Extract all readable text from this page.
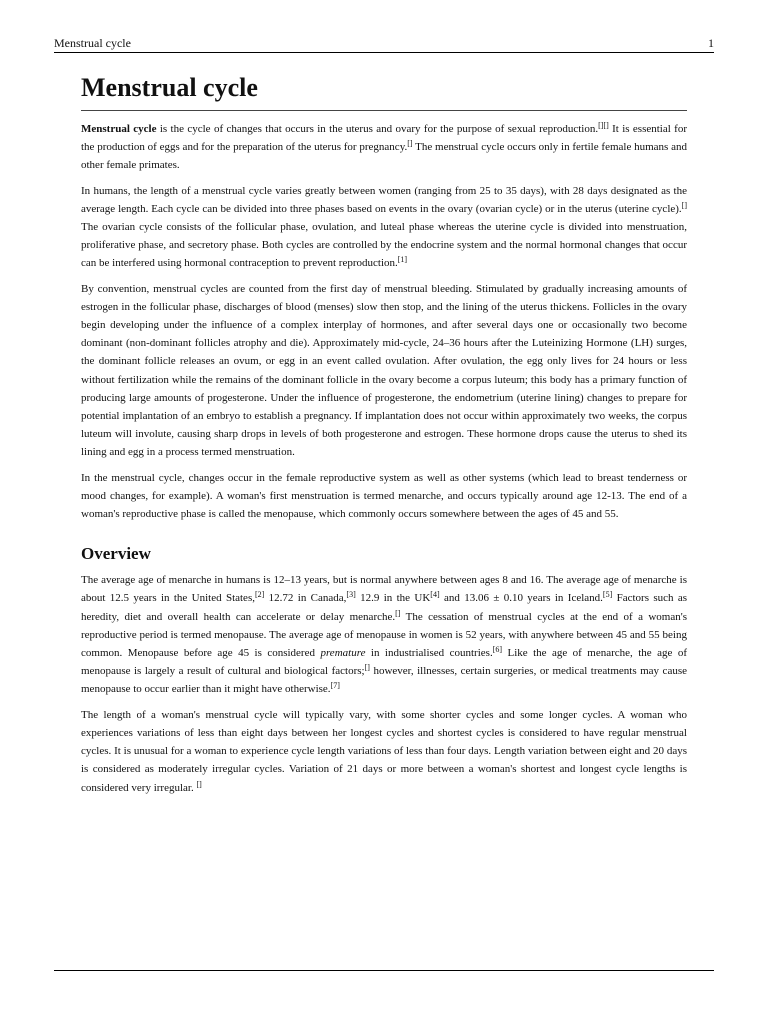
Menstrual cycle	1
Menstrual cycle

Menstrual cycle is the cycle of changes that occurs in the uterus and ovary for the purpose of sexual reproduction.[][] It is essential for the production of eggs and for the preparation of the uterus for pregnancy.[] The menstrual cycle occurs only in fertile female humans and other female primates.

In humans, the length of a menstrual cycle varies greatly between women (ranging from 25 to 35 days), with 28 days designated as the average length. Each cycle can be divided into three phases based on events in the ovary (ovarian cycle) or in the uterus (uterine cycle).[] The ovarian cycle consists of the follicular phase, ovulation, and luteal phase whereas the uterine cycle is divided into menstruation, proliferative phase, and secretory phase. Both cycles are controlled by the endocrine system and the normal hormonal changes that occur can be interfered using hormonal contraception to prevent reproduction.[1]

By convention, menstrual cycles are counted from the first day of menstrual bleeding. Stimulated by gradually increasing amounts of estrogen in the follicular phase, discharges of blood (menses) slow then stop, and the lining of the uterus thickens. Follicles in the ovary begin developing under the influence of a complex interplay of hormones, and after several days one or occasionally two become dominant (non-dominant follicles atrophy and die). Approximately mid-cycle, 24–36 hours after the Luteinizing Hormone (LH) surges, the dominant follicle releases an ovum, or egg in an event called ovulation. After ovulation, the egg only lives for 24 hours or less without fertilization while the remains of the dominant follicle in the ovary become a corpus luteum; this body has a primary function of producing large amounts of progesterone. Under the influence of progesterone, the endometrium (uterine lining) changes to prepare for potential implantation of an embryo to establish a pregnancy. If implantation does not occur within approximately two weeks, the corpus luteum will involute, causing sharp drops in levels of both progesterone and estrogen. These hormone drops cause the uterus to shed its lining and egg in a process termed menstruation.

In the menstrual cycle, changes occur in the female reproductive system as well as other systems (which lead to breast tenderness or mood changes, for example). A woman's first menstruation is termed menarche, and occurs typically around age 12-13. The end of a woman's reproductive phase is called the menopause, which commonly occurs somewhere between the ages of 45 and 55.

Overview

The average age of menarche in humans is 12–13 years, but is normal anywhere between ages 8 and 16. The average age of menarche is about 12.5 years in the United States,[2] 12.72 in Canada,[3] 12.9 in the UK[4] and 13.06 ± 0.10 years in Iceland.[5] Factors such as heredity, diet and overall health can accelerate or delay menarche.[] The cessation of menstrual cycles at the end of a woman's reproductive period is termed menopause. The average age of menopause in women is 52 years, with anywhere between 45 and 55 being common. Menopause before age 45 is considered premature in industrialised countries.[6] Like the age of menarche, the age of menopause is largely a result of cultural and biological factors;[] however, illnesses, certain surgeries, or medical treatments may cause menopause to occur earlier than it might have otherwise.[7]

The length of a woman's menstrual cycle will typically vary, with some shorter cycles and some longer cycles. A woman who experiences variations of less than eight days between her longest cycles and shortest cycles is considered to have regular menstrual cycles. It is unusual for a woman to experience cycle length variations of less than four days. Length variation between eight and 20 days is considered as moderately irregular cycles. Variation of 21 days or more between a woman's shortest and longest cycle lengths is considered very irregular. []
